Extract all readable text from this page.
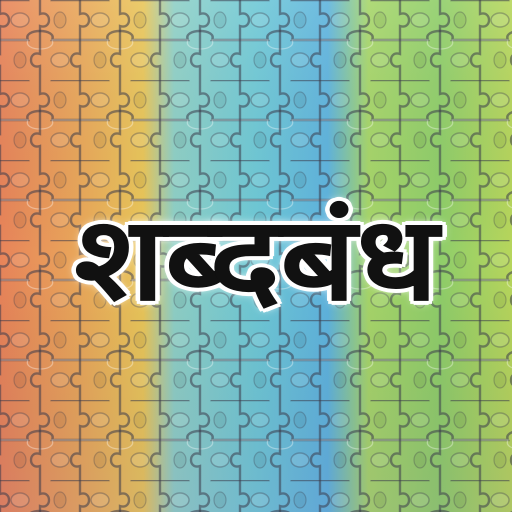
शब्दबंध
